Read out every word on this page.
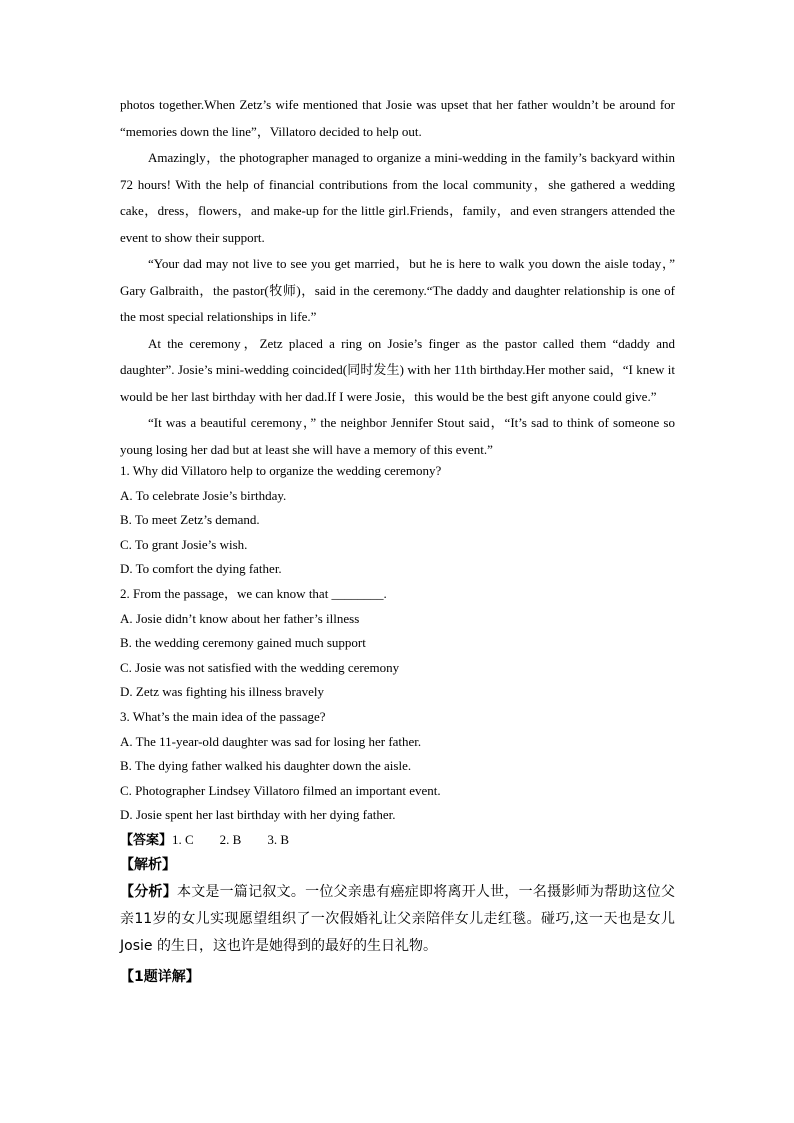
photos together.When Zetz’s wife mentioned that Josie was upset that her father wouldn’t be around for “memories down the line”，Villatoro decided to help out.

Amazingly，the photographer managed to organize a mini-wedding in the family’s backyard within 72 hours! With the help of financial contributions from the local community，she gathered a wedding cake，dress，flowers，and make-up for the little girl.Friends，family，and even strangers attended the event to show their support.

“Your dad may not live to see you get married，but he is here to walk you down the aisle today，” Gary Galbraith，the pastor(牧师)，said in the ceremony.“The daddy and daughter relationship is one of the most special relationships in life.”

At the ceremony，Zetz placed a ring on Josie’s finger as the pastor called them “daddy and daughter”. Josie’s mini-wedding coincided(同时发生) with her 11th birthday.Her mother said，“I knew it would be her last birthday with her dad.If I were Josie，this would be the best gift anyone could give.”

“It was a beautiful ceremony，” the neighbor Jennifer Stout said，“It’s sad to think of someone so young losing her dad but at least she will have a memory of this event.”

1. Why did Villatoro help to organize the wedding ceremony?

A. To celebrate Josie’s birthday.

B. To meet Zetz’s demand.

C. To grant Josie’s wish.

D. To comfort the dying father.

2. From the passage，we can know that ________.

A. Josie didn’t know about her father’s illness

B. the wedding ceremony gained much support

C. Josie was not satisfied with the wedding ceremony

D. Zetz was fighting his illness bravely

3. What’s the main idea of the passage?

A. The 11-year-old daughter was sad for losing her father.

B. The dying father walked his daughter down the aisle.

C. Photographer Lindsey Villatoro filmed an important event.

D. Josie spent her last birthday with her dying father.

【答案】1. C　　2. B　　3. B

【解析】

【分析】本文是一篇记叙文。一位父亲患有癌症即将离开人世，一名摄影师为帮助这位父亲11岁的女儿实现愿望组织了一次假婚礼让父亲陪伴女儿走红毯。碰巧,这一天也是女儿 Josie 的生日，这也许是她得到的最好的生日礼物。

【1题详解】
